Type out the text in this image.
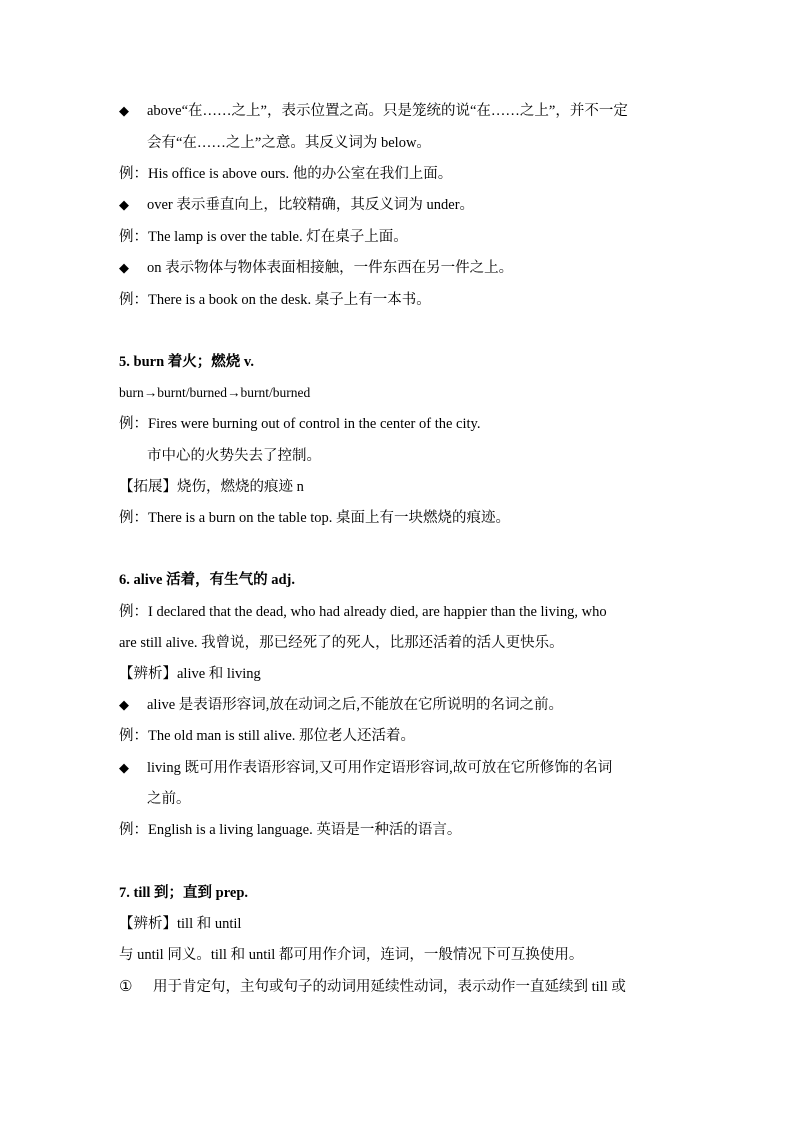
◆ above“在……之上”，表示位置之高。只是笼统的说“在……之上”，并不一定
会有“在……之上”之意。其反义词为 below。
例：His office is above ours. 他的办公室在我们上面。
◆ over 表示垂直向上，比较精确，其反义词为 under。
例：The lamp is over the table. 灯在桌子上面。
◆ on 表示物体与物体表面相接触，一件东西在另一件之上。
例：There is a book on the desk. 桌子上有一本书。
5. burn 着火；燃烧 v.
burn→burnt/burned→burnt/burned
例：Fires were burning out of control in the center of the city.
市中心的火势失去了控制。
【拓展】烧伤，燃烧的痕迹 n
例：There is a burn on the table top. 桌面上有一块燃烧的痕迹。
6. alive 活着，有生气的 adj.
例：I declared that the dead, who had already died, are happier than the living, who
are still alive. 我曾说，那已经死了的死人，比那还活着的活人更快乐。
【辨析】alive 和 living
◆ alive 是表语形容词,放在动词之后,不能放在它所说明的名词之前。
例：The old man is still alive. 那位老人还活着。
◆ living 既可用作表语形容词,又可用作定语形容词,故可放在它所修饰的名词
之前。
例：English is a living language. 英语是一种活的语言。
7. till 到；直到 prep.
【辨析】till 和 until
与 until 同义。till 和 until 都可用作介词，连词，一般情况下可互换使用。
① 用于肯定句，主句或句子的动词用延续性动词，表示动作一直延续到 till 或
